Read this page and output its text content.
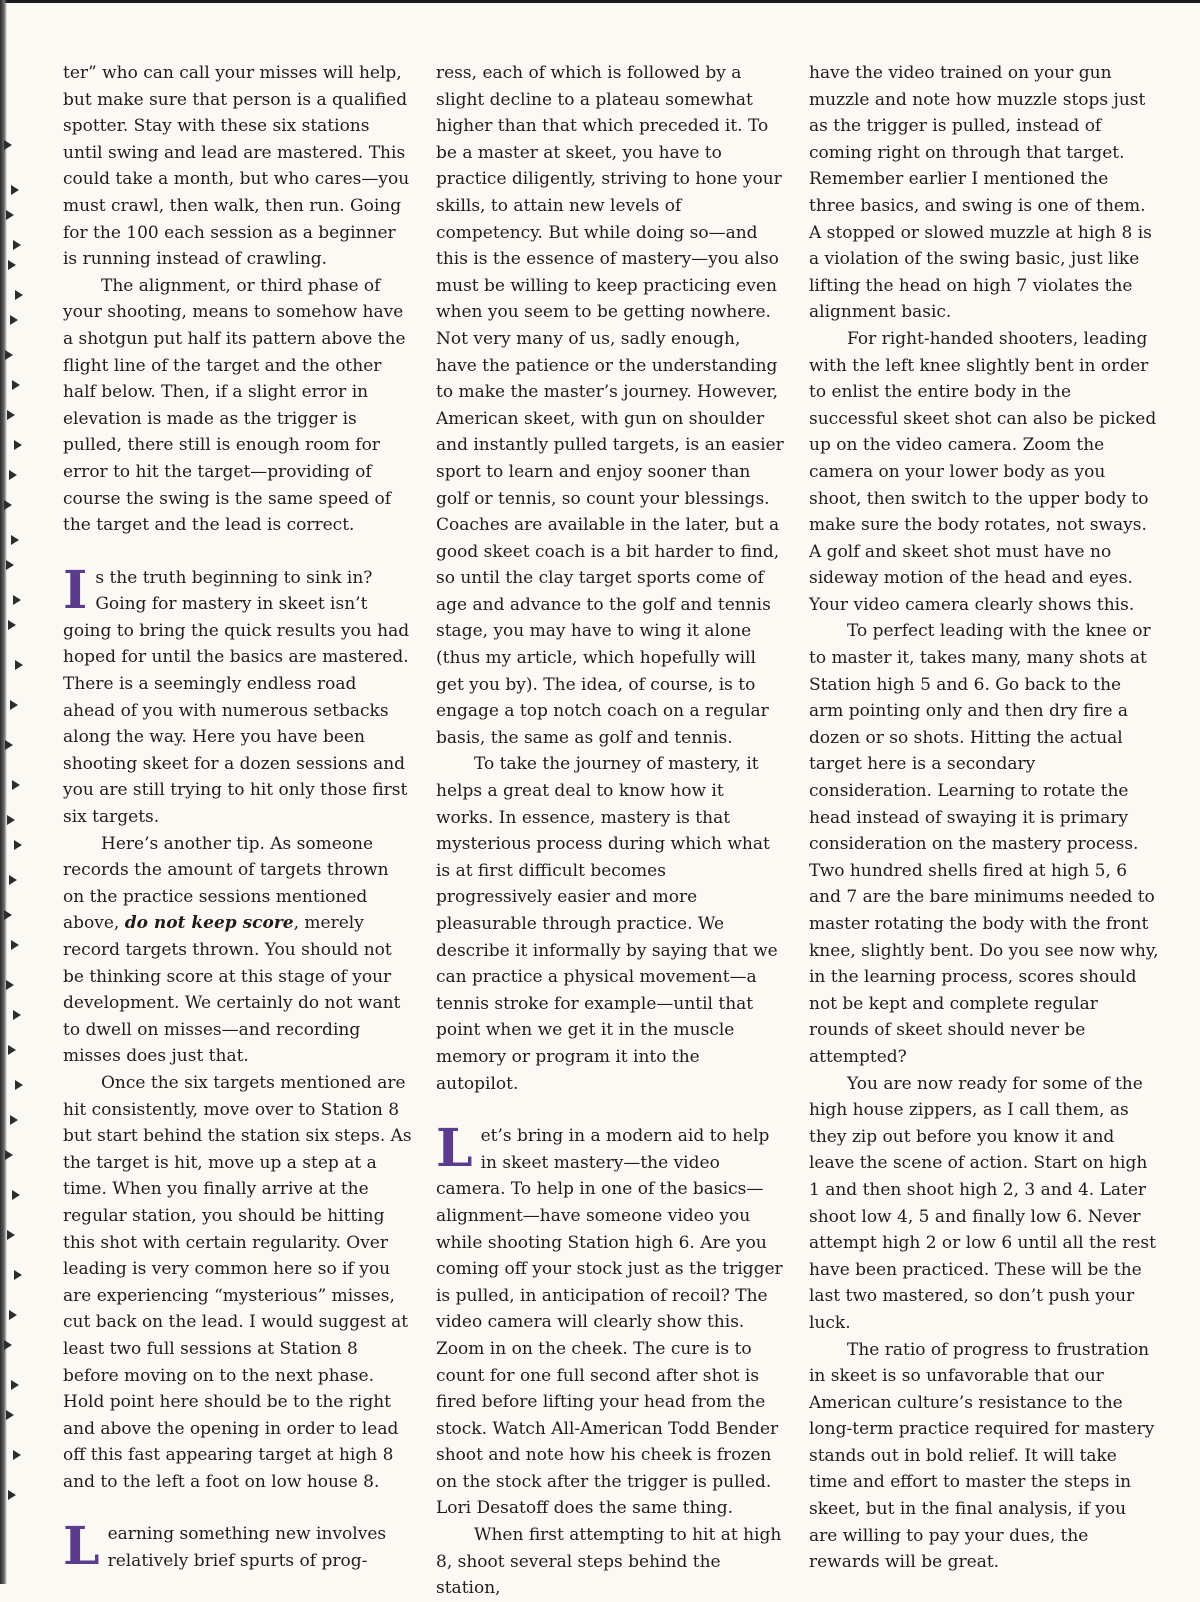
ter” who can call your misses will help, but make sure that person is a qualified spotter. Stay with these six stations until swing and lead are mastered. This could take a month, but who cares—you must crawl, then walk, then run. Going for the 100 each session as a beginner is running instead of crawling.

The alignment, or third phase of your shooting, means to somehow have a shotgun put half its pattern above the flight line of the target and the other half below. Then, if a slight error in elevation is made as the trigger is pulled, there still is enough room for error to hit the target—providing of course the swing is the same speed of the target and the lead is correct.

Is the truth beginning to sink in? Going for mastery in skeet isn’t going to bring the quick results you had hoped for until the basics are mastered. There is a seemingly endless road ahead of you with numerous setbacks along the way. Here you have been shooting skeet for a dozen sessions and you are still trying to hit only those first six targets.

Here’s another tip. As someone records the amount of targets thrown on the practice sessions mentioned above, do not keep score, merely record targets thrown. You should not be thinking score at this stage of your development. We certainly do not want to dwell on misses—and recording misses does just that.

Once the six targets mentioned are hit consistently, move over to Station 8 but start behind the station six steps. As the target is hit, move up a step at a time. When you finally arrive at the regular station, you should be hitting this shot with certain regularity. Over leading is very common here so if you are experiencing “mysterious” misses, cut back on the lead. I would suggest at least two full sessions at Station 8 before moving on to the next phase. Hold point here should be to the right and above the opening in order to lead off this fast appearing target at high 8 and to the left a foot on low house 8.

Learning something new involves relatively brief spurts of prog-

ress, each of which is followed by a slight decline to a plateau somewhat higher than that which preceded it. To be a master at skeet, you have to practice diligently, striving to hone your skills, to attain new levels of competency. But while doing so—and this is the essence of mastery—you also must be willing to keep practicing even when you seem to be getting nowhere. Not very many of us, sadly enough, have the patience or the understanding to make the master’s journey. However, American skeet, with gun on shoulder and instantly pulled targets, is an easier sport to learn and enjoy sooner than golf or tennis, so count your blessings. Coaches are available in the later, but a good skeet coach is a bit harder to find, so until the clay target sports come of age and advance to the golf and tennis stage, you may have to wing it alone (thus my article, which hopefully will get you by). The idea, of course, is to engage a top notch coach on a regular basis, the same as golf and tennis.

To take the journey of mastery, it helps a great deal to know how it works. In essence, mastery is that mysterious process during which what is at first difficult becomes progressively easier and more pleasurable through practice. We describe it informally by saying that we can practice a physical movement—a tennis stroke for example—until that point when we get it in the muscle memory or program it into the autopilot.

Let’s bring in a modern aid to help in skeet mastery—the video camera. To help in one of the basics—alignment—have someone video you while shooting Station high 6. Are you coming off your stock just as the trigger is pulled, in anticipation of recoil? The video camera will clearly show this. Zoom in on the cheek. The cure is to count for one full second after shot is fired before lifting your head from the stock. Watch All-American Todd Bender shoot and note how his cheek is frozen on the stock after the trigger is pulled. Lori Desatoff does the same thing.

When first attempting to hit at high 8, shoot several steps behind the station,

have the video trained on your gun muzzle and note how muzzle stops just as the trigger is pulled, instead of coming right on through that target. Remember earlier I mentioned the three basics, and swing is one of them. A stopped or slowed muzzle at high 8 is a violation of the swing basic, just like lifting the head on high 7 violates the alignment basic.

For right-handed shooters, leading with the left knee slightly bent in order to enlist the entire body in the successful skeet shot can also be picked up on the video camera. Zoom the camera on your lower body as you shoot, then switch to the upper body to make sure the body rotates, not sways. A golf and skeet shot must have no sideway motion of the head and eyes. Your video camera clearly shows this.

To perfect leading with the knee or to master it, takes many, many shots at Station high 5 and 6. Go back to the arm pointing only and then dry fire a dozen or so shots. Hitting the actual target here is a secondary consideration. Learning to rotate the head instead of swaying it is primary consideration on the mastery process. Two hundred shells fired at high 5, 6 and 7 are the bare minimums needed to master rotating the body with the front knee, slightly bent. Do you see now why, in the learning process, scores should not be kept and complete regular rounds of skeet should never be attempted?

You are now ready for some of the high house zippers, as I call them, as they zip out before you know it and leave the scene of action. Start on high 1 and then shoot high 2, 3 and 4. Later shoot low 4, 5 and finally low 6. Never attempt high 2 or low 6 until all the rest have been practiced. These will be the last two mastered, so don’t push your luck.

The ratio of progress to frustration in skeet is so unfavorable that our American culture’s resistance to the long-term practice required for mastery stands out in bold relief. It will take time and effort to master the steps in skeet, but in the final analysis, if you are willing to pay your dues, the rewards will be great.
